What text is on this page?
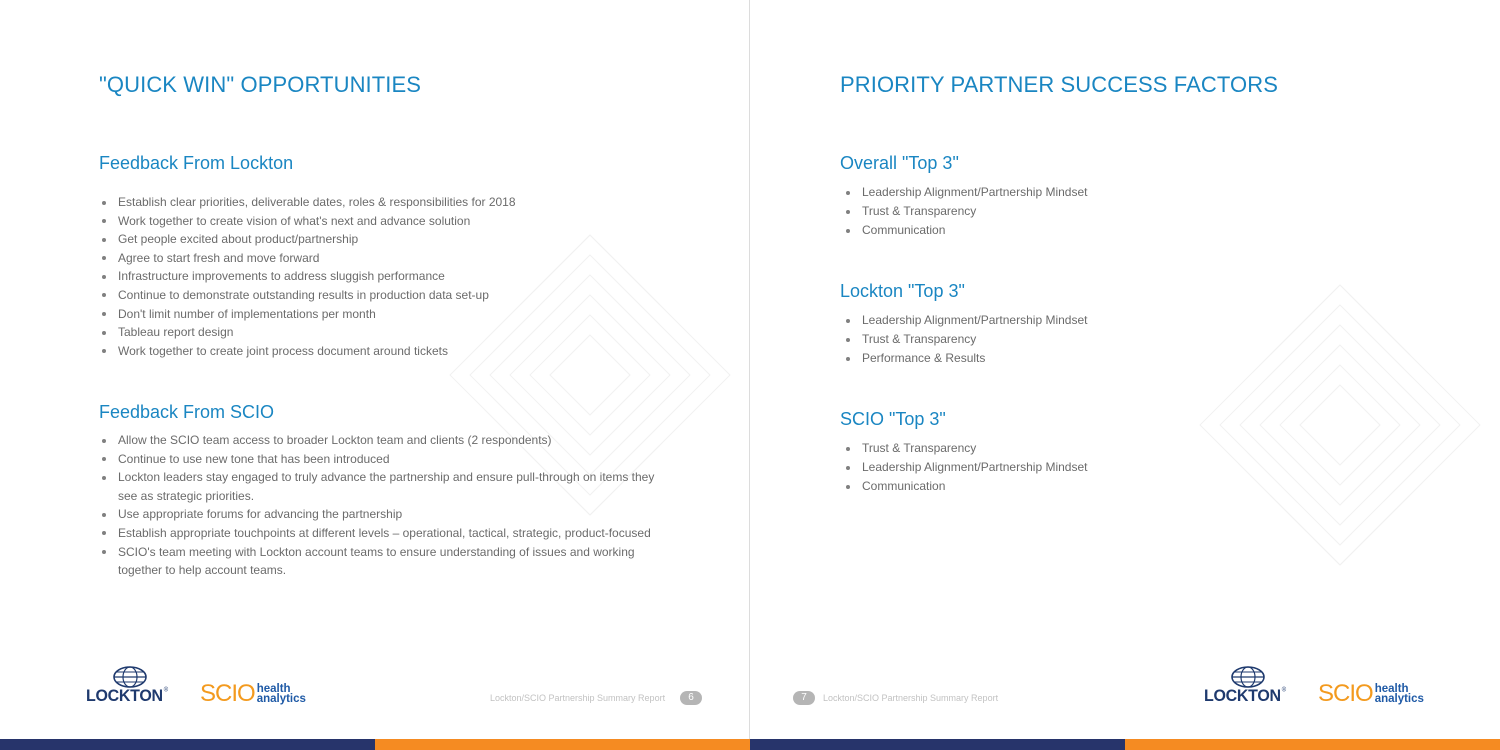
"QUICK WIN" OPPORTUNITIES
Feedback From Lockton
Establish clear priorities, deliverable dates, roles & responsibilities for 2018
Work together to create vision of what's next and advance solution
Get people excited about product/partnership
Agree to start fresh and move forward
Infrastructure improvements to address sluggish performance
Continue to demonstrate outstanding results in production data set-up
Don't limit number of implementations per month
Tableau report design
Work together to create joint process document around tickets
Feedback From SCIO
Allow the SCIO team access to broader Lockton team and clients (2 respondents)
Continue to use new tone that has been introduced
Lockton leaders stay engaged to truly advance the partnership and ensure pull-through on items they see as strategic priorities.
Use appropriate forums for advancing the partnership
Establish appropriate touchpoints at different levels – operational, tactical, strategic, product-focused
SCIO's team meeting with Lockton account teams to ensure understanding of issues and working together to help account teams.
LOCKTON® SCIO health
analytics	Lockton/SCIO Partnership Summary Report	6
PRIORITY PARTNER SUCCESS FACTORS
Overall "Top 3"
Leadership Alignment/Partnership Mindset
Trust & Transparency
Communication
Lockton "Top 3"
Leadership Alignment/Partnership Mindset
Trust & Transparency
Performance & Results
SCIO "Top 3"
Trust & Transparency
Leadership Alignment/Partnership Mindset
Communication
7	Lockton/SCIO Partnership Summary Report	LOCKTON® SCIO health
analytics
